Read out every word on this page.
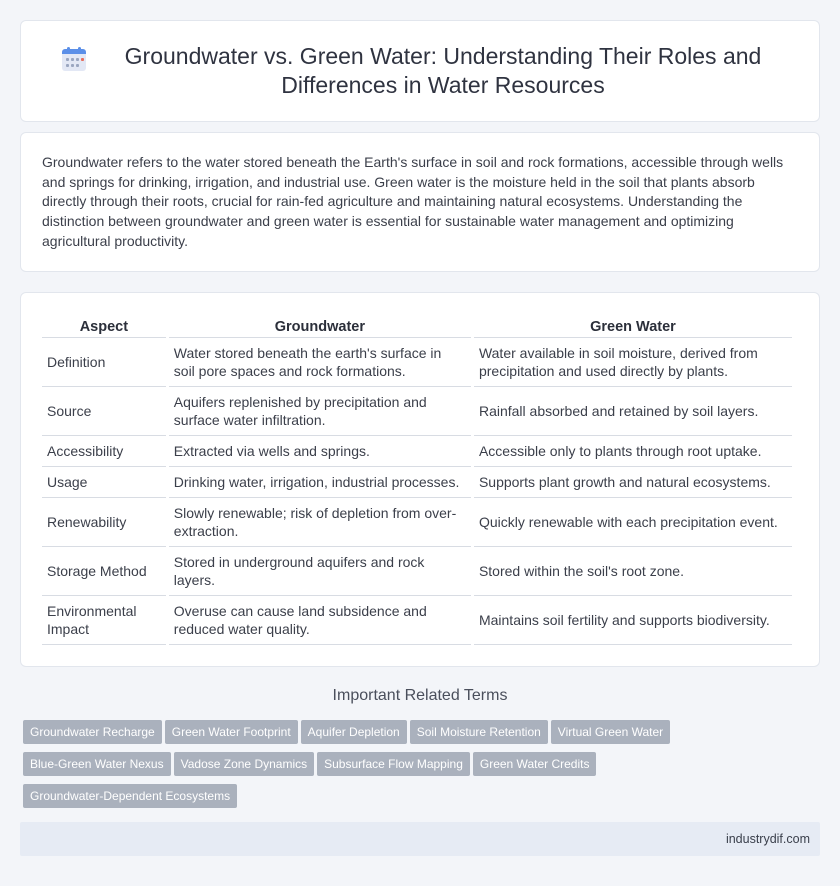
Groundwater vs. Green Water: Understanding Their Roles and Differences in Water Resources

Groundwater refers to the water stored beneath the Earth's surface in soil and rock formations, accessible through wells and springs for drinking, irrigation, and industrial use. Green water is the moisture held in the soil that plants absorb directly through their roots, crucial for rain-fed agriculture and maintaining natural ecosystems. Understanding the distinction between groundwater and green water is essential for sustainable water management and optimizing agricultural productivity.

Aspect	Groundwater	Green Water
Definition	Water stored beneath the earth's surface in soil pore spaces and rock formations.	Water available in soil moisture, derived from precipitation and used directly by plants.
Source	Aquifers replenished by precipitation and surface water infiltration.	Rainfall absorbed and retained by soil layers.
Accessibility	Extracted via wells and springs.	Accessible only to plants through root uptake.
Usage	Drinking water, irrigation, industrial processes.	Supports plant growth and natural ecosystems.
Renewability	Slowly renewable; risk of depletion from over-extraction.	Quickly renewable with each precipitation event.
Storage Method	Stored in underground aquifers and rock layers.	Stored within the soil's root zone.
Environmental Impact	Overuse can cause land subsidence and reduced water quality.	Maintains soil fertility and supports biodiversity.
Important Related Terms
Groundwater Recharge Green Water Footprint Aquifer Depletion Soil Moisture Retention Virtual Green Water
Blue-Green Water Nexus Vadose Zone Dynamics Subsurface Flow Mapping Green Water Credits
Groundwater-Dependent Ecosystems
industrydif.com
